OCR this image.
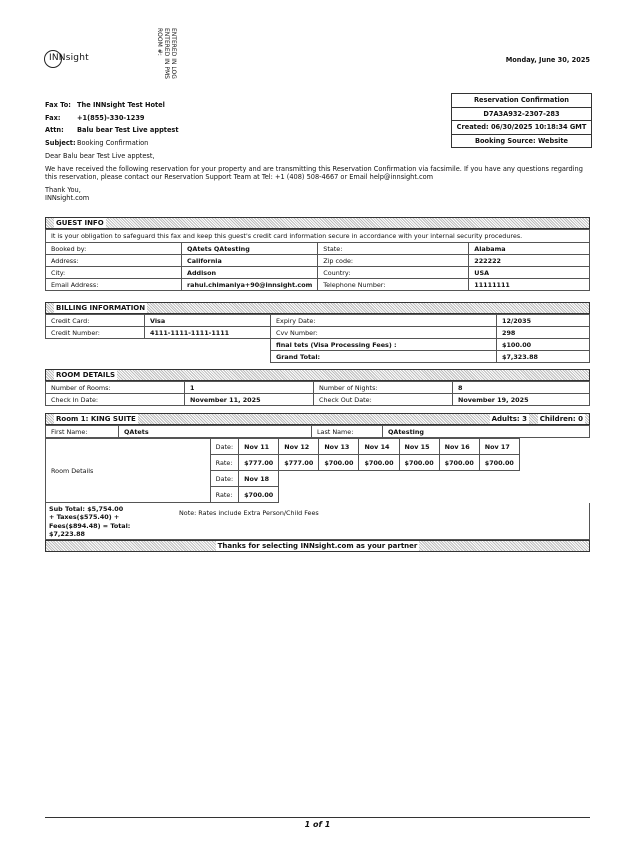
INNsight	ENTERED IN LOG
ENTERED IN PMS
ROOM #:
Monday, June 30, 2025
Fax To: The INNsight Test Hotel
Fax:	+1(855)-330-1239
Attn: Balu bear Test Live apptest
Subject:Booking Confirmation
Reservation Confirmation
D7A3A932-2307-283
Created: 06/30/2025 10:18:34 GMT
Booking Source: Website

Dear Balu bear Test Live apptest,

We have received the following reservation for your property and are transmitting this Reservation Confirmation via facsimile. If you have any questions regarding this reservation, please contact our Reservation Support Team at Tel: +1 (408) 508-4667 or Email help@innsight.com

Thank You,
INNsight.com
GUEST INFO
It is your obligation to safeguard this fax and keep this guest's credit card information secure in accordance with your internal security procedures.			
Booked by:	QAtets QAtesting	State:	Alabama
Address:	California	Zip code:	222222
City:	Addison	Country:	USA
Email Address:	rahul.chimaniya+90@innsight.com	Telephone Number:	11111111
BILLING INFORMATION
Credit Card:	Visa	Expiry Date:	12/2035
Credit Number:	4111-1111-1111-1111	Cvv Number:	298
		final tets (Visa Processing Fees) :	$100.00
		Grand Total:	$7,323.88
ROOM DETAILS
Number of Rooms:	1	Number of Nights:	8
Check In Date:	November 11, 2025	Check Out Date:	November 19, 2025
Room 1: KING SUITE	Adults: 3 Children: 0
First Name:	QAtets	Last Name:	QAtesting
Room Details	Date:	Nov 11	Nov 12	Nov 13	Nov 14	Nov 15	Nov 16	Nov 17	
	Rate:	$777.00	$777.00	$700.00	$700.00	$700.00	$700.00	$700.00	
	Date:	Nov 18							
	Rate:	$700.00							
Sub Total: $5,754.00
+ Taxes($575.40) +
Fees($894.48) = Total:
$7,223.88
Note: Rates include Extra Person/Child Fees
Thanks for selecting INNsight.com as your partner
1 of 1
